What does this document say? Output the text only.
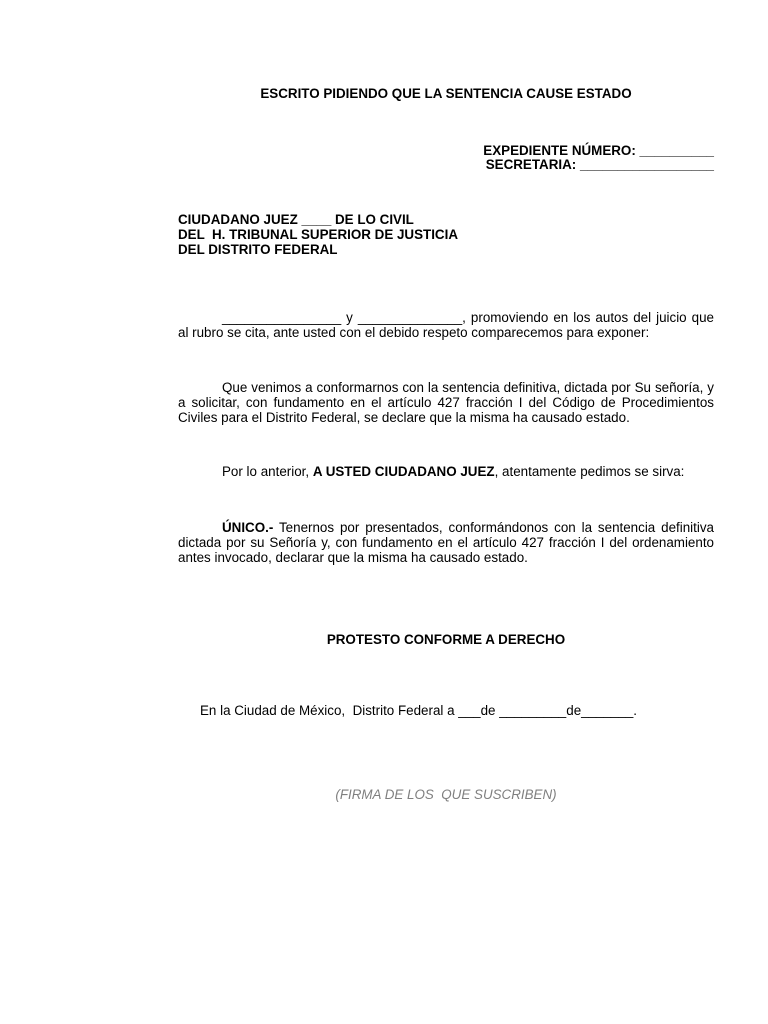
ESCRITO PIDIENDO QUE LA SENTENCIA CAUSE ESTADO

EXPEDIENTE NÚMERO: __________

SECRETARIA: __________________

CIUDADANO JUEZ ____ DE LO CIVIL
DEL  H. TRIBUNAL SUPERIOR DE JUSTICIA
DEL DISTRITO FEDERAL

________________ y ______________, promoviendo en los autos del juicio que al rubro se cita, ante usted con el debido respeto comparecemos para exponer:

Que venimos a conformarnos con la sentencia definitiva, dictada por Su señoría, y a solicitar, con fundamento en el artículo 427 fracción I del Código de Procedimientos Civiles para el Distrito Federal, se declare que la misma ha causado estado.

Por lo anterior, A USTED CIUDADANO JUEZ, atentamente pedimos se sirva:

ÚNICO.- Tenernos por presentados, conformándonos con la sentencia definitiva dictada por su Señoría y, con fundamento en el artículo 427 fracción I del ordenamiento antes invocado, declarar que la misma ha causado estado.

PROTESTO CONFORME A DERECHO

En la Ciudad de México,  Distrito Federal a ___de _________de_______.

(FIRMA DE LOS  QUE SUSCRIBEN)
